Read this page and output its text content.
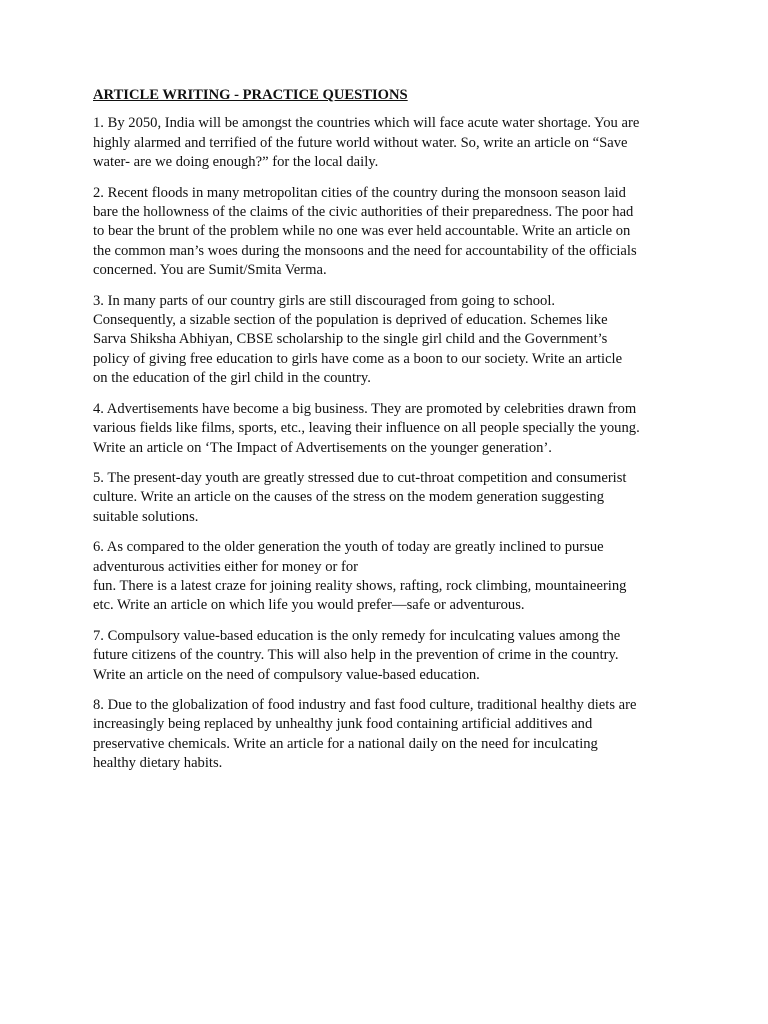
ARTICLE WRITING - PRACTICE QUESTIONS
1. By 2050, India will be amongst the countries which will face acute water shortage. You are
highly alarmed and terrified of the future world without water. So, write an article on “Save
water- are we doing enough?” for the local daily.
2. Recent floods in many metropolitan cities of the country during the monsoon season laid
bare the hollowness of the claims of the civic authorities of their preparedness. The poor had
to bear the brunt of the problem while no one was ever held accountable. Write an article on
the common man’s woes during the monsoons and the need for accountability of the officials
concerned. You are Sumit/Smita Verma.
3. In many parts of our country girls are still discouraged from going to school.
Consequently, a sizable section of the population is deprived of education. Schemes like
Sarva Shiksha Abhiyan, CBSE scholarship to the single girl child and the Government’s
policy of giving free education to girls have come as a boon to our society. Write an article
on the education of the girl child in the country.
4. Advertisements have become a big business. They are promoted by celebrities drawn from
various fields like films, sports, etc., leaving their influence on all people specially the young.
Write an article on ‘The Impact of Advertisements on the younger generation’.
5. The present-day youth are greatly stressed due to cut-throat competition and consumerist
culture. Write an article on the causes of the stress on the modem generation suggesting
suitable solutions.
6. As compared to the older generation the youth of today are greatly inclined to pursue
adventurous activities either for money or for
fun. There is a latest craze for joining reality shows, rafting, rock climbing, mountaineering
etc. Write an article on which life you would prefer—safe or adventurous.
7. Compulsory value-based education is the only remedy for inculcating values among the
future citizens of the country. This will also help in the prevention of crime in the country.
Write an article on the need of compulsory value-based education.
8. Due to the globalization of food industry and fast food culture, traditional healthy diets are
increasingly being replaced by unhealthy junk food containing artificial additives and
preservative chemicals. Write an article for a national daily on the need for inculcating
healthy dietary habits.
